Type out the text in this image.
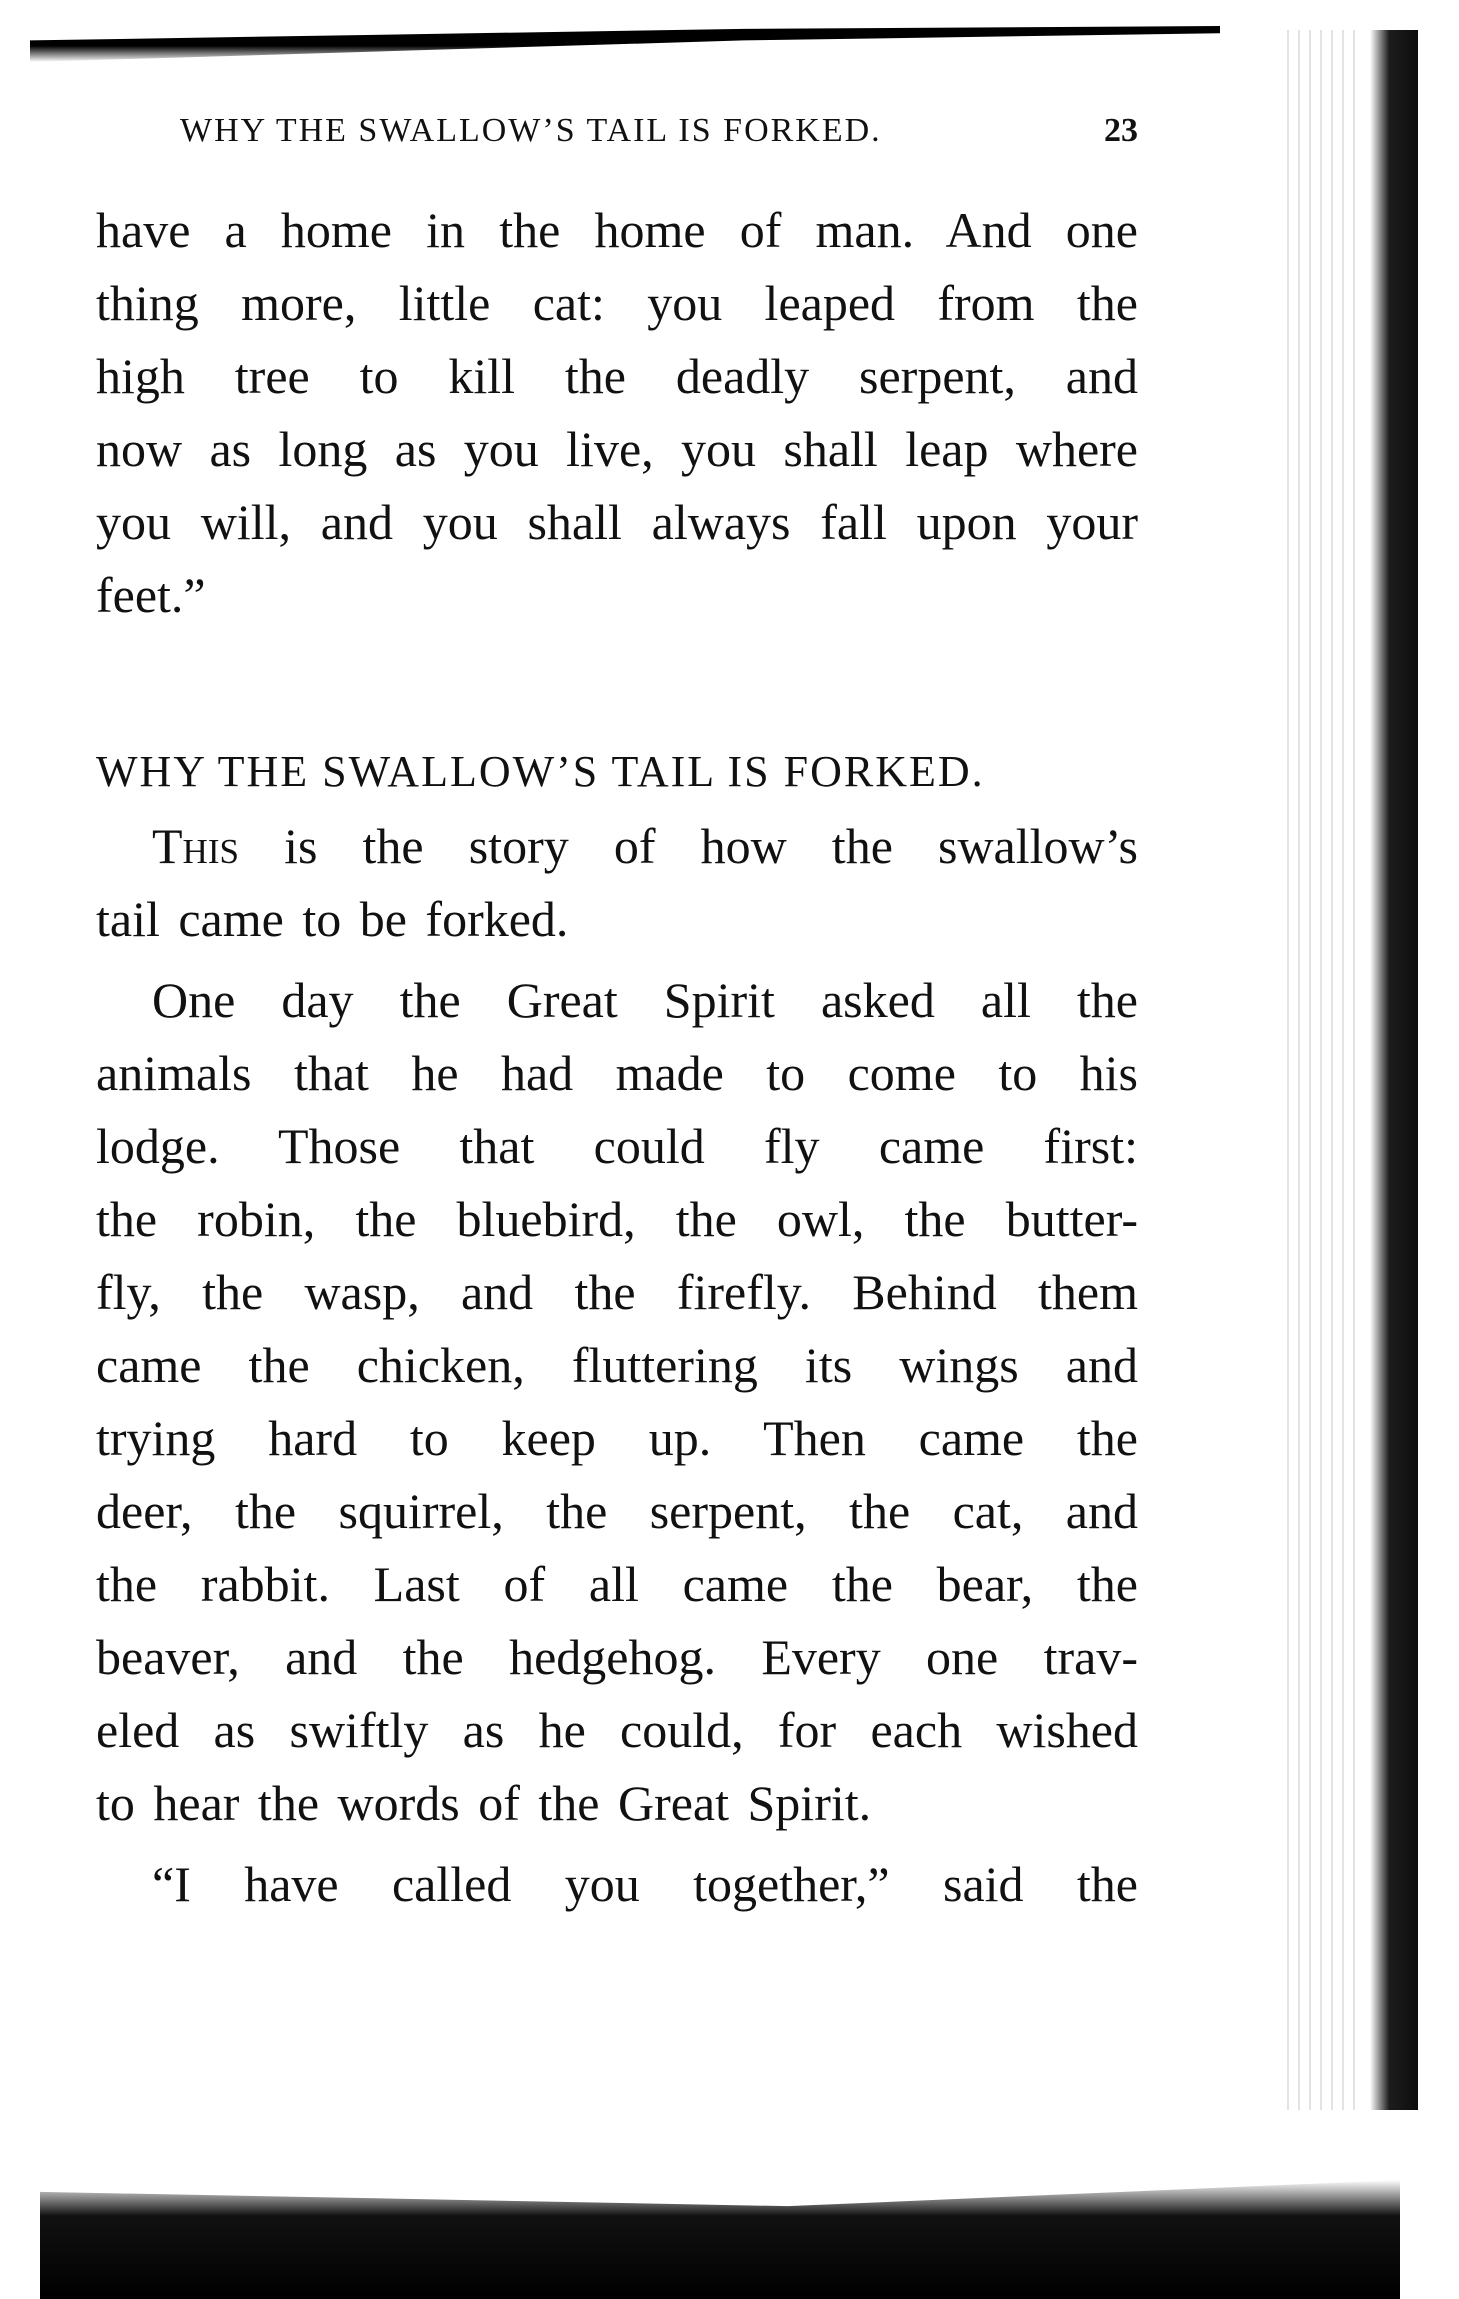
WHY THE SWALLOW’S TAIL IS FORKED.	23
have a home in the home of man. And one
thing more, little cat: you leaped from the
high tree to kill the deadly serpent, and
now as long as you live, you shall leap where
you will, and you shall always fall upon your
feet.”
WHY THE SWALLOW’S TAIL IS FORKED.
This is the story of how the swallow’s
tail came to be forked.
One day the Great Spirit asked all the
animals that he had made to come to his
lodge. Those that could fly came first:
the robin, the bluebird, the owl, the butter-
fly, the wasp, and the firefly. Behind them
came the chicken, fluttering its wings and
trying hard to keep up. Then came the
deer, the squirrel, the serpent, the cat, and
the rabbit. Last of all came the bear, the
beaver, and the hedgehog. Every one trav-
eled as swiftly as he could, for each wished
to hear the words of the Great Spirit.
“I have called you together,” said the
